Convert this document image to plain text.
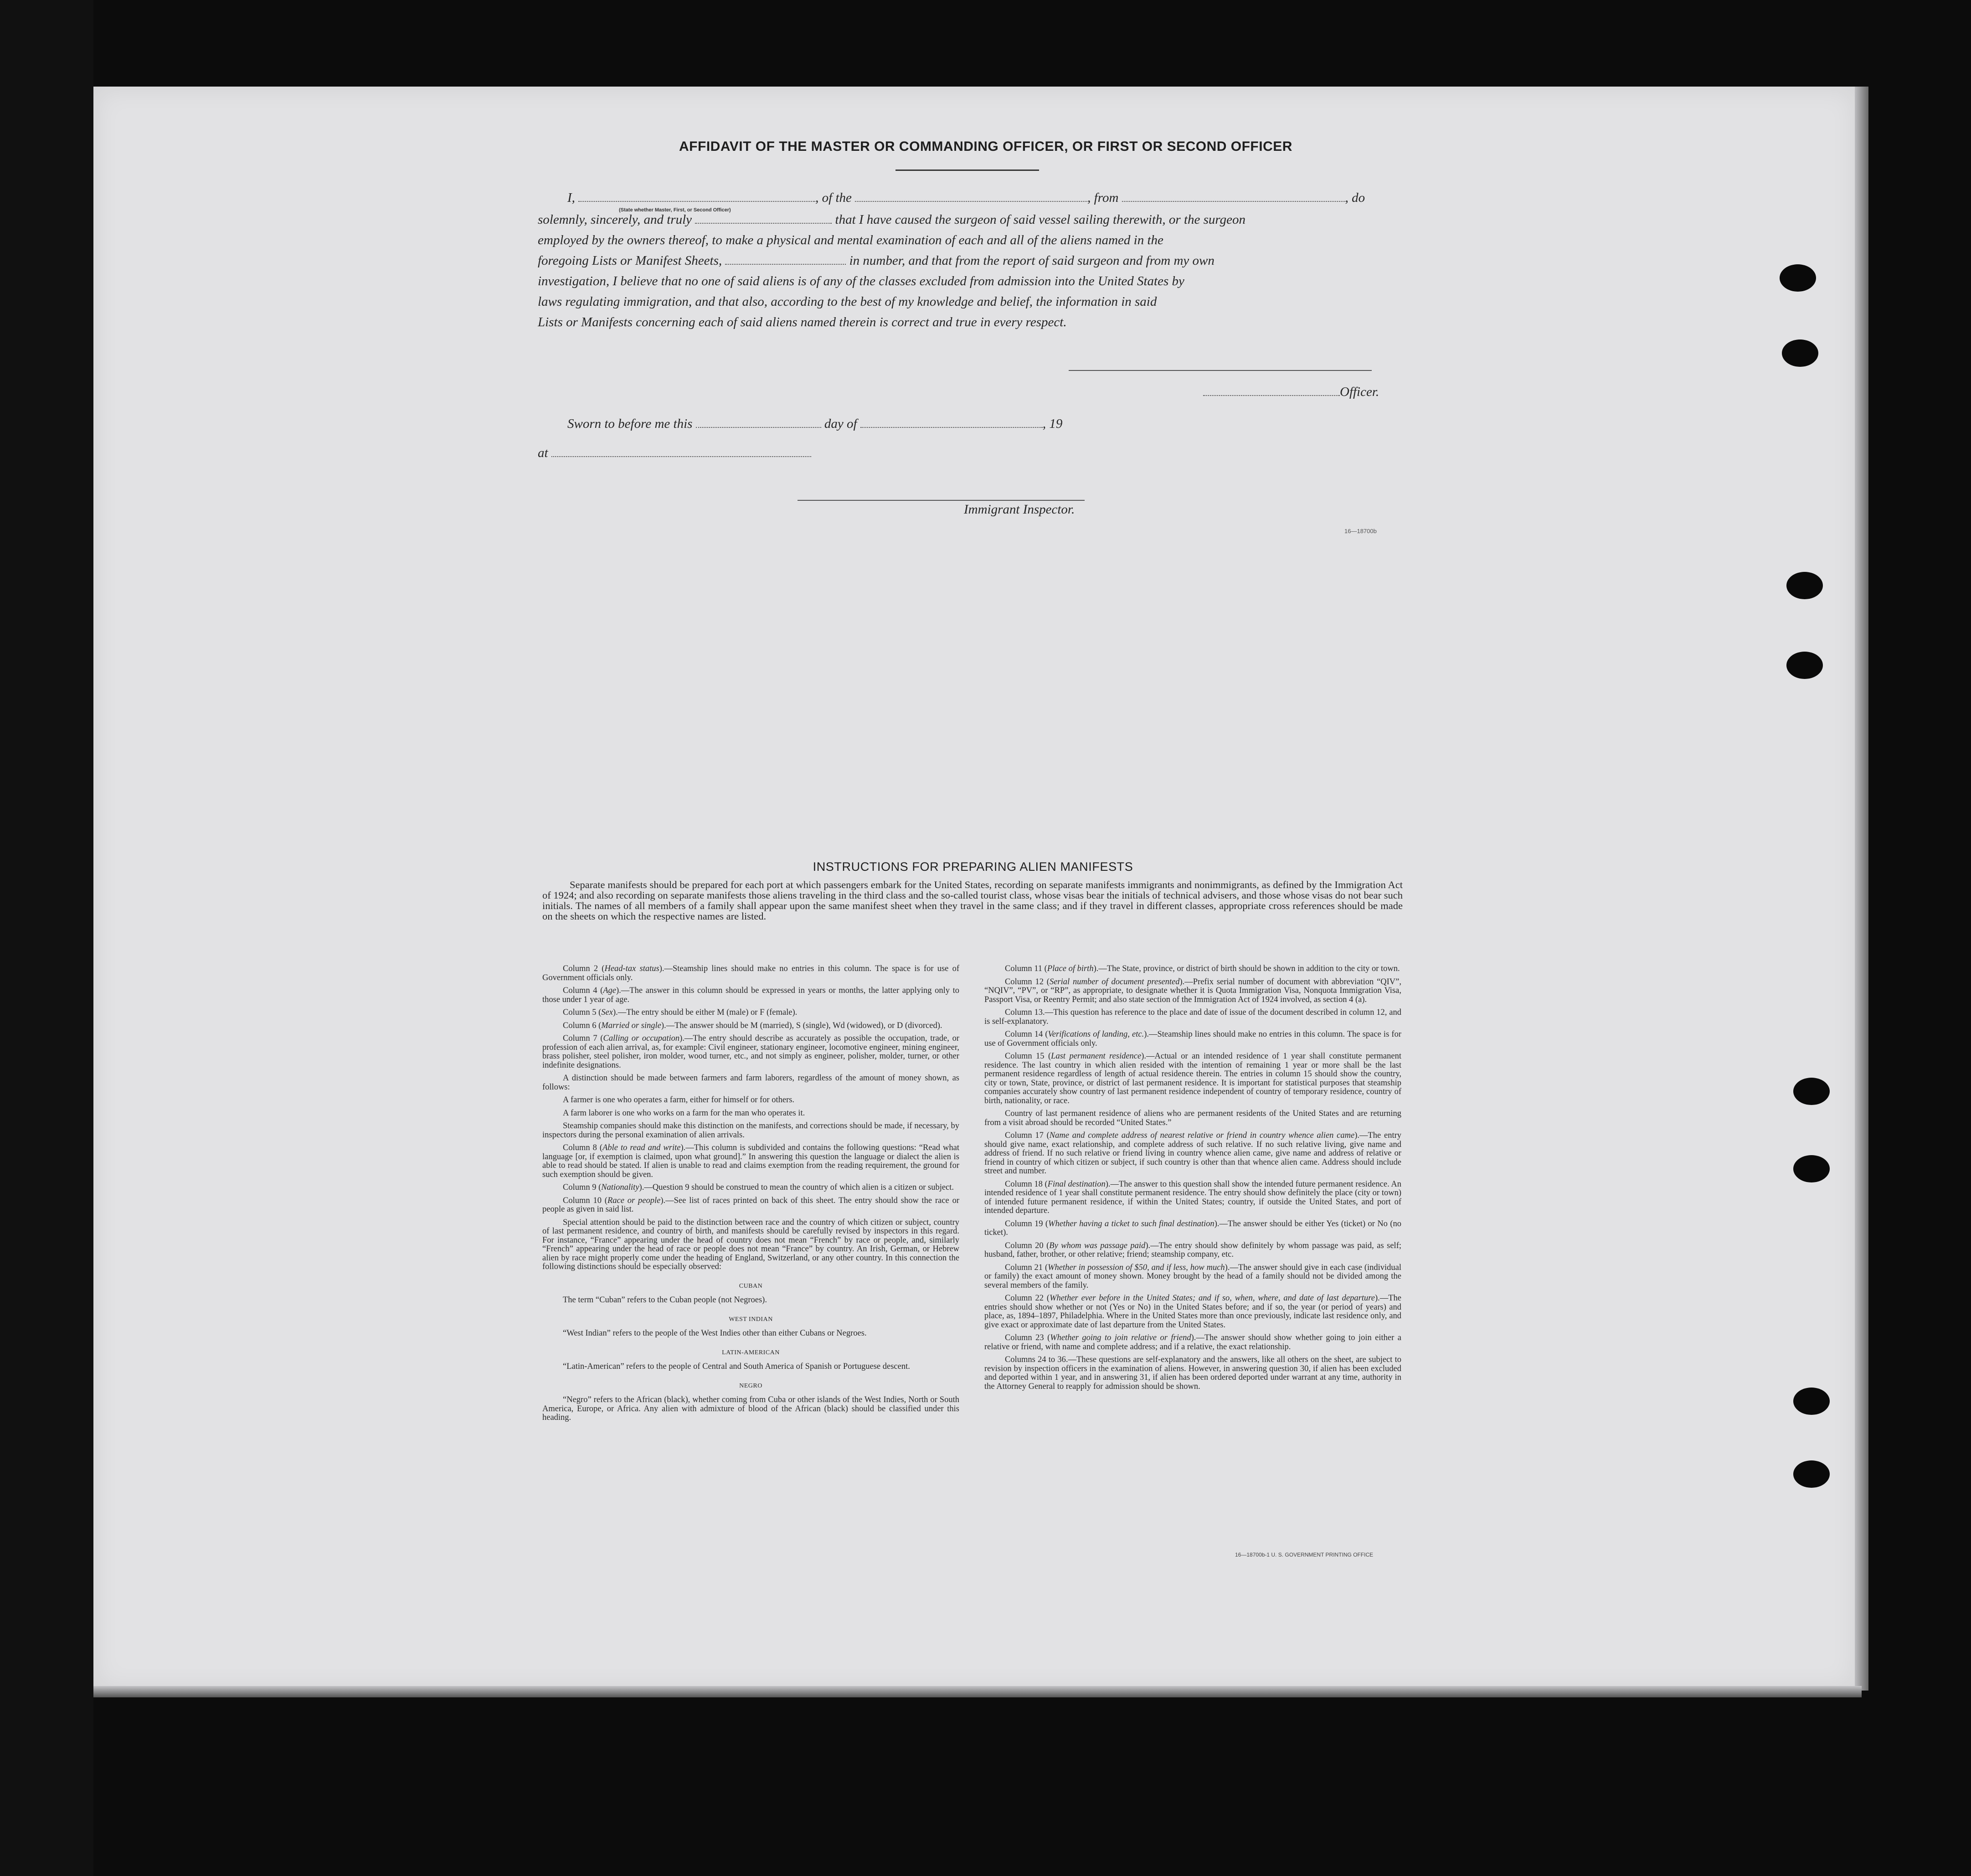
AFFIDAVIT OF THE MASTER OR COMMANDING OFFICER, OR FIRST OR SECOND OFFICER
I,	, of the	, from	, do
(State whether Master, First, or Second Officer)
solemnly, sincerely, and truly	that I have caused the surgeon of said vessel sailing therewith, or the surgeon
employed by the owners thereof, to make a physical and mental examination of each and all of the aliens named in the
foregoing Lists or Manifest Sheets,	in number, and that from the report of said surgeon and from my own
investigation, I believe that no one of said aliens is of any of the classes excluded from admission into the United States by
laws regulating immigration, and that also, according to the best of my knowledge and belief, the information in said
Lists or Manifests concerning each of said aliens named therein is correct and true in every respect.
Officer.
Sworn to before me this	day of	, 19
at
Immigrant Inspector.
16—18700b
INSTRUCTIONS FOR PREPARING ALIEN MANIFESTS
Separate manifests should be prepared for each port at which passengers embark for the United States, recording on separate manifests immigrants and nonimmigrants, as defined by the Immigration Act of 1924; and also recording on separate manifests those aliens traveling in the third class and the so-called tourist class, whose visas bear the initials of technical advisers, and those whose visas do not bear such initials. The names of all members of a family shall appear upon the same manifest sheet when they travel in the same class; and if they travel in different classes, appropriate cross references should be made on the sheets on which the respective names are listed.

Column 2 (Head-tax status).—Steamship lines should make no entries in this column. The space is for use of Government officials only.

Column 4 (Age).—The answer in this column should be expressed in years or months, the latter applying only to those under 1 year of age.

Column 5 (Sex).—The entry should be either M (male) or F (female).

Column 6 (Married or single).—The answer should be M (married), S (single), Wd (widowed), or D (divorced).

Column 7 (Calling or occupation).—The entry should describe as accurately as possible the occupation, trade, or profession of each alien arrival, as, for example: Civil engineer, stationary engineer, locomotive engineer, mining engineer, brass polisher, steel polisher, iron molder, wood turner, etc., and not simply as engineer, polisher, molder, turner, or other indefinite designations.

A distinction should be made between farmers and farm laborers, regardless of the amount of money shown, as follows:

A farmer is one who operates a farm, either for himself or for others.

A farm laborer is one who works on a farm for the man who operates it.

Steamship companies should make this distinction on the manifests, and corrections should be made, if necessary, by inspectors during the personal examination of alien arrivals.

Column 8 (Able to read and write).—This column is subdivided and contains the following questions: “Read what language [or, if exemption is claimed, upon what ground].” In answering this question the language or dialect the alien is able to read should be stated. If alien is unable to read and claims exemption from the reading requirement, the ground for such exemption should be given.

Column 9 (Nationality).—Question 9 should be construed to mean the country of which alien is a citizen or subject.

Column 10 (Race or people).—See list of races printed on back of this sheet. The entry should show the race or people as given in said list.

Special attention should be paid to the distinction between race and the country of which citizen or subject, country of last permanent residence, and country of birth, and manifests should be carefully revised by inspectors in this regard. For instance, “France” appearing under the head of country does not mean “French” by race or people, and, similarly “French” appearing under the head of race or people does not mean “France” by country. An Irish, German, or Hebrew alien by race might properly come under the heading of England, Switzerland, or any other country. In this connection the following distinctions should be especially observed:

CUBAN

The term “Cuban” refers to the Cuban people (not Negroes).

WEST INDIAN

“West Indian” refers to the people of the West Indies other than either Cubans or Negroes.

LATIN-AMERICAN

“Latin-American” refers to the people of Central and South America of Spanish or Portuguese descent.

NEGRO

“Negro” refers to the African (black), whether coming from Cuba or other islands of the West Indies, North or South America, Europe, or Africa. Any alien with admixture of blood of the African (black) should be classified under this heading.

Column 11 (Place of birth).—The State, province, or district of birth should be shown in addition to the city or town.

Column 12 (Serial number of document presented).—Prefix serial number of document with abbreviation “QIV”, “NQIV”, “PV”, or “RP”, as appropriate, to designate whether it is Quota Immigration Visa, Nonquota Immigration Visa, Passport Visa, or Reentry Permit; and also state section of the Immigration Act of 1924 involved, as section 4 (a).

Column 13.—This question has reference to the place and date of issue of the document described in column 12, and is self-explanatory.

Column 14 (Verifications of landing, etc.).—Steamship lines should make no entries in this column. The space is for use of Government officials only.

Column 15 (Last permanent residence).—Actual or an intended residence of 1 year shall constitute permanent residence. The last country in which alien resided with the intention of remaining 1 year or more shall be the last permanent residence regardless of length of actual residence therein. The entries in column 15 should show the country, city or town, State, province, or district of last permanent residence. It is important for statistical purposes that steamship companies accurately show country of last permanent residence independent of country of temporary residence, country of birth, nationality, or race.

Country of last permanent residence of aliens who are permanent residents of the United States and are returning from a visit abroad should be recorded “United States.”

Column 17 (Name and complete address of nearest relative or friend in country whence alien came).—The entry should give name, exact relationship, and complete address of such relative. If no such relative living, give name and address of friend. If no such relative or friend living in country whence alien came, give name and address of relative or friend in country of which citizen or subject, if such country is other than that whence alien came. Address should include street and number.

Column 18 (Final destination).—The answer to this question shall show the intended future permanent residence. An intended residence of 1 year shall constitute permanent residence. The entry should show definitely the place (city or town) of intended future permanent residence, if within the United States; country, if outside the United States, and port of intended departure.

Column 19 (Whether having a ticket to such final destination).—The answer should be either Yes (ticket) or No (no ticket).

Column 20 (By whom was passage paid).—The entry should show definitely by whom passage was paid, as self; husband, father, brother, or other relative; friend; steamship company, etc.

Column 21 (Whether in possession of $50, and if less, how much).—The answer should give in each case (individual or family) the exact amount of money shown. Money brought by the head of a family should not be divided among the several members of the family.

Column 22 (Whether ever before in the United States; and if so, when, where, and date of last departure).—The entries should show whether or not (Yes or No) in the United States before; and if so, the year (or period of years) and place, as, 1894–1897, Philadelphia. Where in the United States more than once previously, indicate last residence only, and give exact or approximate date of last departure from the United States.

Column 23 (Whether going to join relative or friend).—The answer should show whether going to join either a relative or friend, with name and complete address; and if a relative, the exact relationship.

Columns 24 to 36.—These questions are self-explanatory and the answers, like all others on the sheet, are subject to revision by inspection officers in the examination of aliens. However, in answering question 30, if alien has been excluded and deported within 1 year, and in answering 31, if alien has been ordered deported under warrant at any time, authority in the Attorney General to reapply for admission should be shown.

16—18700b-1 U. S. GOVERNMENT PRINTING OFFICE
